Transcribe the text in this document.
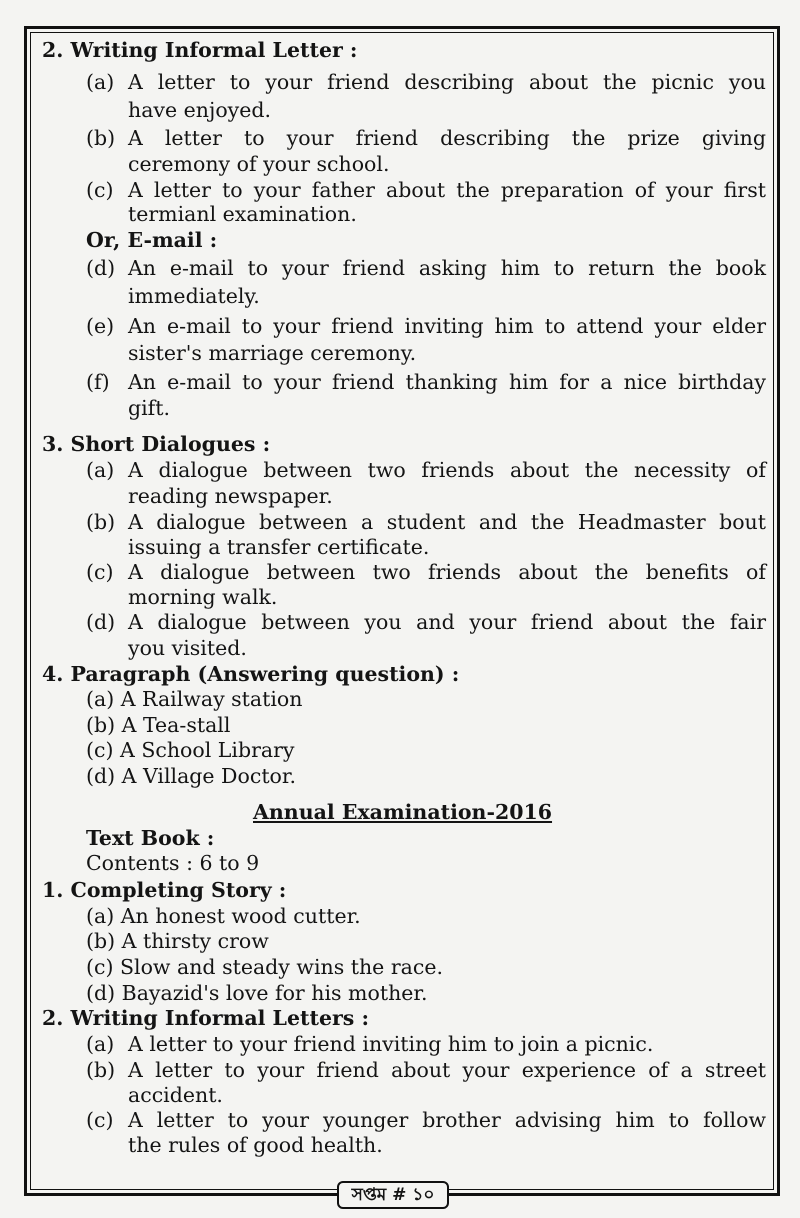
2. Writing Informal Letter :
(a) A letter to your friend describing about the picnic you
have enjoyed.
(b) A letter to your friend describing the prize giving
ceremony of your school.
(c) A letter to your father about the preparation of your first
termianl examination.
Or, E-mail :
(d) An e-mail to your friend asking him to return the book
immediately.
(e) An e-mail to your friend inviting him to attend your elder
sister's marriage ceremony.
(f) An e-mail to your friend thanking him for a nice birthday
gift.
3. Short Dialogues :
(a) A dialogue between two friends about the necessity of
reading newspaper.
(b) A dialogue between a student and the Headmaster bout
issuing a transfer certificate.
(c) A dialogue between two friends about the benefits of
morning walk.
(d) A dialogue between you and your friend about the fair
you visited.
4. Paragraph (Answering question) :
(a) A Railway station
(b) A Tea-stall
(c) A School Library
(d) A Village Doctor.
Annual Examination-2016
Text Book :
Contents : 6 to 9
1. Completing Story :
(a) An honest wood cutter.
(b) A thirsty crow
(c) Slow and steady wins the race.
(d) Bayazid's love for his mother.
2. Writing Informal Letters :
(a) A letter to your friend inviting him to join a picnic.
(b) A letter to your friend about your experience of a street
accident.
(c) A letter to your younger brother advising him to follow
the rules of good health.
সপ্তম # ১০
